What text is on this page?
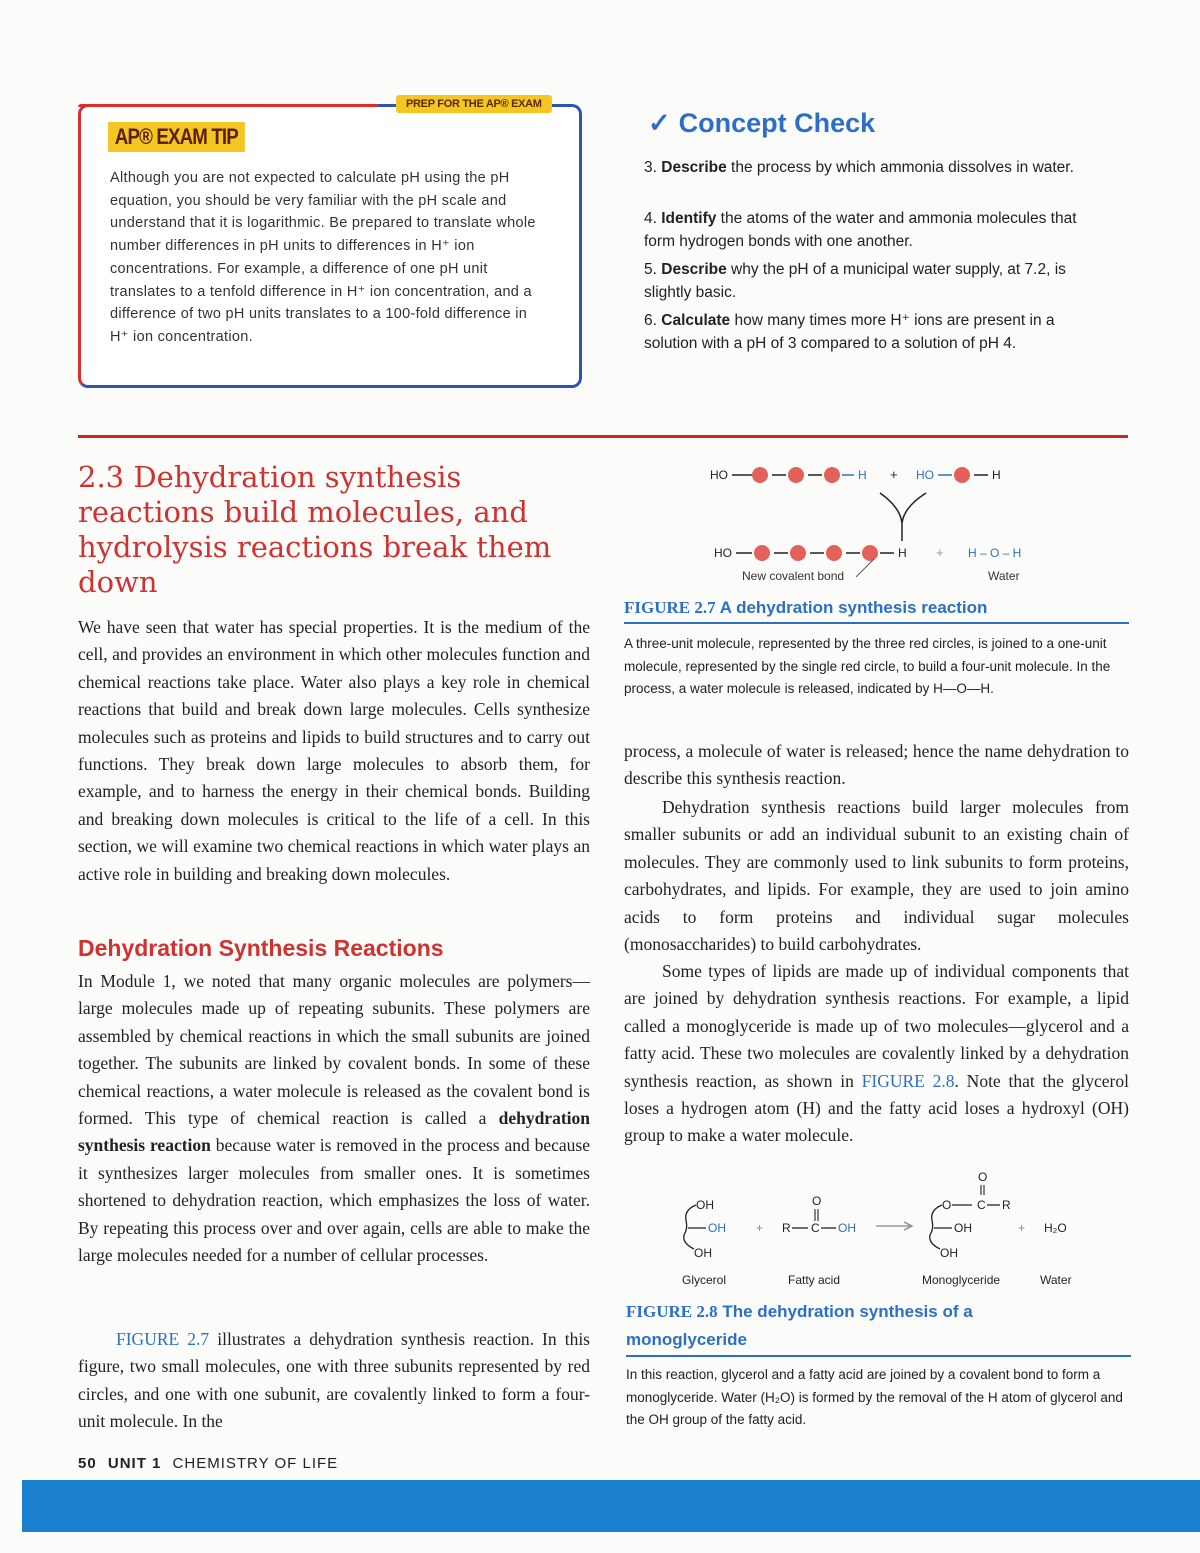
PREP FOR THE AP® EXAM
AP® EXAM TIP
Although you are not expected to calculate pH using the pH equation, you should be very familiar with the pH scale and understand that it is logarithmic. Be prepared to translate whole number differences in pH units to differences in H⁺ ion concentrations. For example, a difference of one pH unit translates to a tenfold difference in H⁺ ion concentration, and a difference of two pH units translates to a 100-fold difference in H⁺ ion concentration.
✓ Concept Check
3. Describe the process by which ammonia dissolves in water.
4. Identify the atoms of the water and ammonia molecules that form hydrogen bonds with one another.
5. Describe why the pH of a municipal water supply, at 7.2, is slightly basic.
6. Calculate how many times more H⁺ ions are present in a solution with a pH of 3 compared to a solution of pH 4.
2.3 Dehydration synthesis reactions build molecules, and hydrolysis reactions break them down
We have seen that water has special properties. It is the medium of the cell, and provides an environment in which other molecules function and chemical reactions take place. Water also plays a key role in chemical reactions that build and break down large molecules. Cells synthesize molecules such as proteins and lipids to build structures and to carry out functions. They break down large molecules to absorb them, for example, and to harness the energy in their chemical bonds. Building and breaking down molecules is critical to the life of a cell. In this section, we will examine two chemical reactions in which water plays an active role in building and breaking down molecules.
Dehydration Synthesis Reactions
In Module 1, we noted that many organic molecules are polymers—large molecules made up of repeating subunits. These polymers are assembled by chemical reactions in which the small subunits are joined together. The subunits are linked by covalent bonds. In some of these chemical reactions, a water molecule is released as the covalent bond is formed. This type of chemical reaction is called a dehydration synthesis reaction because water is removed in the process and because it synthesizes larger molecules from smaller ones. It is sometimes shortened to dehydration reaction, which emphasizes the loss of water. By repeating this process over and over again, cells are able to make the large molecules needed for a number of cellular processes.
FIGURE 2.7 illustrates a dehydration synthesis reaction. In this figure, two small molecules, one with three subunits represented by red circles, and one with one subunit, are covalently linked to form a four-unit molecule. In the
HO	H + HO	H
HO	H + H – O – H
New covalent bond	Water
FIGURE 2.7 A dehydration synthesis reaction
A three-unit molecule, represented by the three red circles, is joined to a one-unit molecule, represented by the single red circle, to build a four-unit molecule. In the process, a water molecule is released, indicated by H—O—H.
process, a molecule of water is released; hence the name dehydration to describe this synthesis reaction.
Dehydration synthesis reactions build larger molecules from smaller subunits or add an individual subunit to an existing chain of molecules. They are commonly used to link subunits to form proteins, carbohydrates, and lipids. For example, they are used to join amino acids to form proteins and individual sugar molecules (monosaccharides) to build carbohydrates.
Some types of lipids are made up of individual components that are joined by dehydration synthesis reactions. For example, a lipid called a monoglyceride is made up of two molecules—glycerol and a fatty acid. These two molecules are covalently linked by a dehydration synthesis reaction, as shown in FIGURE 2.8. Note that the glycerol loses a hydrogen atom (H) and the fatty acid loses a hydroxyl (OH) group to make a water molecule.
OH
OH
OH
+
O
R C OH
O
O C R
OH
OH
+ H₂O
Glycerol	Fatty acid	Monoglyceride	Water
FIGURE 2.8 The dehydration synthesis of a monoglyceride
In this reaction, glycerol and a fatty acid are joined by a covalent bond to form a monoglyceride. Water (H₂O) is formed by the removal of the H atom of glycerol and the OH group of the fatty acid.
50 UNIT 1 CHEMISTRY OF LIFE
